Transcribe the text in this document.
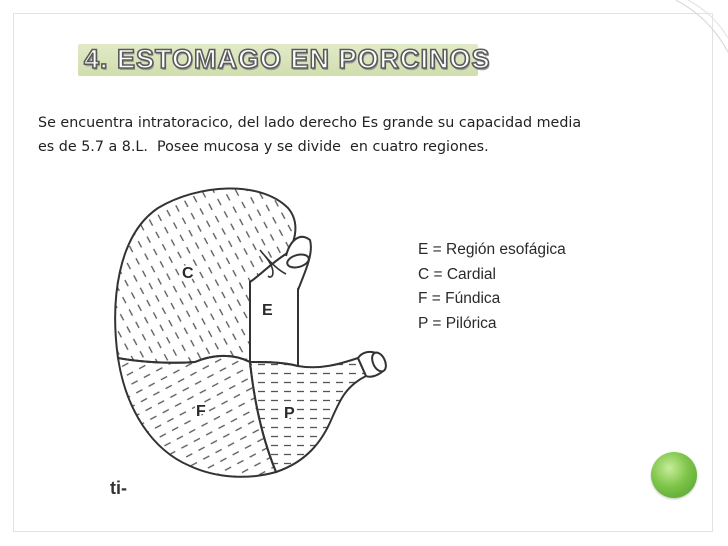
4. ESTOMAGO EN PORCINOS
Se encuentra intratoracico, del lado derecho Es grande su capacidad media
es de 5.7 a 8.L.  Posee mucosa y se divide  en cuatro regiones.
C
E
F	P
ti-
E = Región esofágica
C = Cardial
F = Fúndica
P = Pilórica
